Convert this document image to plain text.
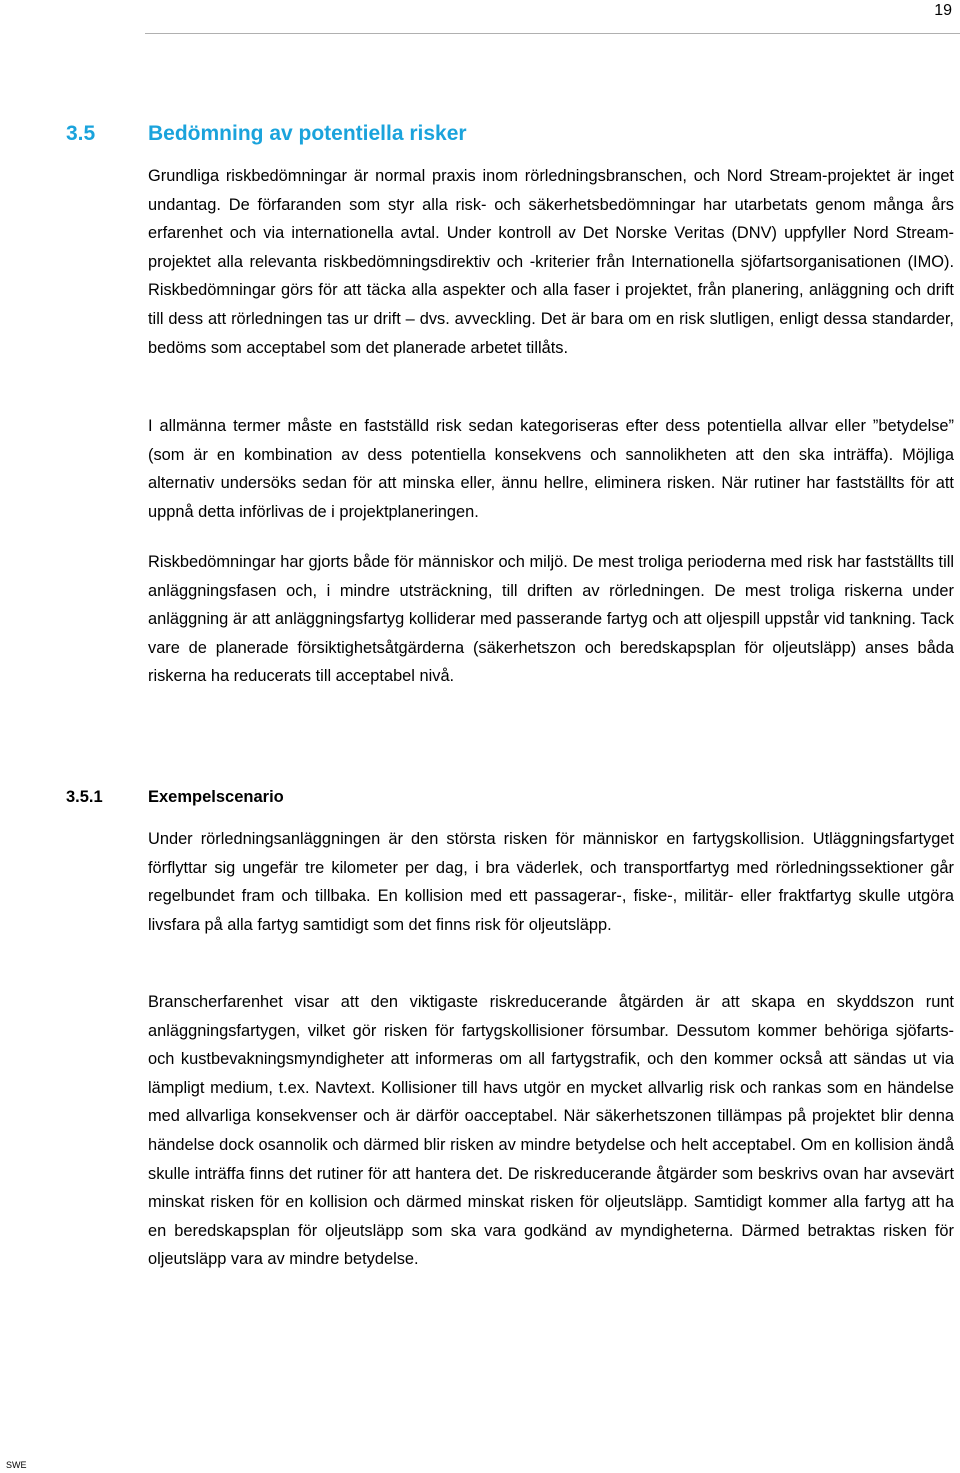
19
3.5	Bedömning av potentiella risker

Grundliga riskbedömningar är normal praxis inom rörledningsbranschen, och Nord Stream-projektet är inget undantag. De förfaranden som styr alla risk- och säkerhetsbedömningar har utarbetats genom många års erfarenhet och via internationella avtal. Under kontroll av Det Norske Veritas (DNV) uppfyller Nord Stream-projektet alla relevanta riskbedömningsdirektiv och -kriterier från Internationella sjöfartsorganisationen (IMO). Riskbedömningar görs för att täcka alla aspekter och alla faser i projektet, från planering, anläggning och drift till dess att rörledningen tas ur drift – dvs. avveckling. Det är bara om en risk slutligen, enligt dessa standarder, bedöms som acceptabel som det planerade arbetet tillåts.

I allmänna termer måste en fastställd risk sedan kategoriseras efter dess potentiella allvar eller ”betydelse” (som är en kombination av dess potentiella konsekvens och sannolikheten att den ska inträffa). Möjliga alternativ undersöks sedan för att minska eller, ännu hellre, eliminera risken. När rutiner har fastställts för att uppnå detta införlivas de i projektplaneringen.

Riskbedömningar har gjorts både för människor och miljö. De mest troliga perioderna med risk har fastställts till anläggningsfasen och, i mindre utsträckning, till driften av rörledningen. De mest troliga riskerna under anläggning är att anläggningsfartyg kolliderar med passerande fartyg och att oljespill uppstår vid tankning. Tack vare de planerade försiktighetsåtgärderna (säkerhetszon och beredskapsplan för oljeutsläpp) anses båda riskerna ha reducerats till acceptabel nivå.

3.5.1	Exempelscenario

Under rörledningsanläggningen är den största risken för människor en fartygskollision. Utläggningsfartyget förflyttar sig ungefär tre kilometer per dag, i bra väderlek, och transportfartyg med rörledningssektioner går regelbundet fram och tillbaka. En kollision med ett passagerar-, fiske-, militär- eller fraktfartyg skulle utgöra livsfara på alla fartyg samtidigt som det finns risk för oljeutsläpp.

Branscherfarenhet visar att den viktigaste riskreducerande åtgärden är att skapa en skyddszon runt anläggningsfartygen, vilket gör risken för fartygskollisioner försumbar. Dessutom kommer behöriga sjöfarts- och kustbevakningsmyndigheter att informeras om all fartygstrafik, och den kommer också att sändas ut via lämpligt medium, t.ex. Navtext. Kollisioner till havs utgör en mycket allvarlig risk och rankas som en händelse med allvarliga konsekvenser och är därför oacceptabel. När säkerhetszonen tillämpas på projektet blir denna händelse dock osannolik och därmed blir risken av mindre betydelse och helt acceptabel. Om en kollision ändå skulle inträffa finns det rutiner för att hantera det. De riskreducerande åtgärder som beskrivs ovan har avsevärt minskat risken för en kollision och därmed minskat risken för oljeutsläpp. Samtidigt kommer alla fartyg att ha en beredskapsplan för oljeutsläpp som ska vara godkänd av myndigheterna. Därmed betraktas risken för oljeutsläpp vara av mindre betydelse.

SWE
